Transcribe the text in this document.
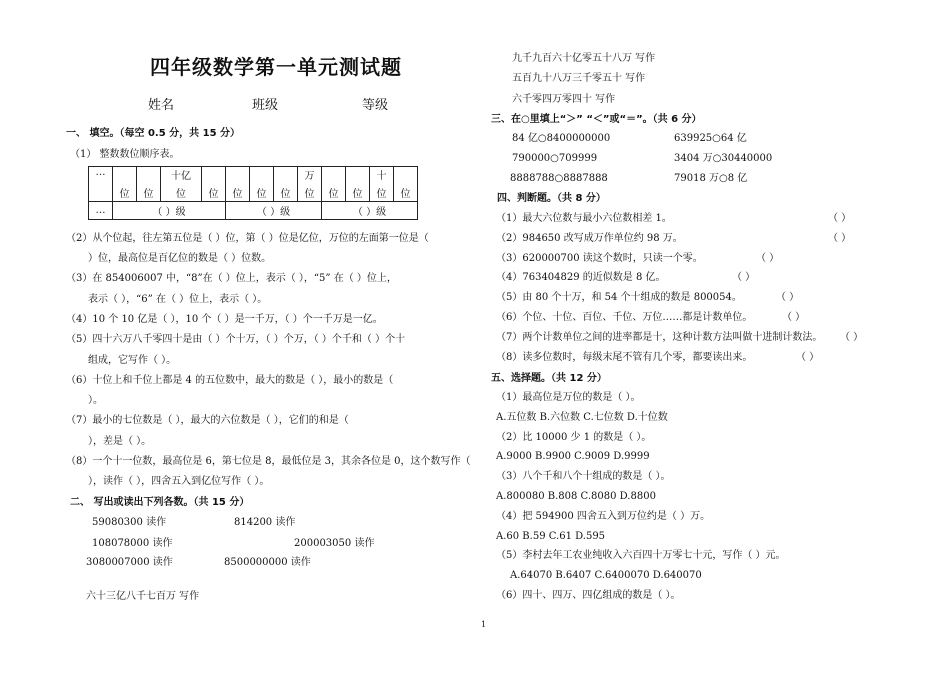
四年级数学第一单元测试题
姓名	班级	等级
一、 填空。（每空 0.5 分，共 15 分）
（1） 整数数位顺序表。
…			十亿					万			十	
	位	位	位	位	位	位	位	位	位	位	位	位
…	（ ）级				（ ）级				（ ）级			
（2）从个位起，往左第五位是（ ）位，第（ ）位是亿位，万位的左面第一位是（
）位，最高位是百亿位的数是（ ）位数。
（3）在 854006007 中，“8”在（ ）位上，表示（ ），“5” 在（ ）位上，
表示（ ），“6” 在（ ）位上，表示（ ）。
（4）10 个 10 亿是（ ），10 个（ ）是一千万，（ ）个一千万是一亿。
（5）四十六万八千零四十是由（ ）个十万，（ ）个万，（ ）个千和（ ）个十
组成，它写作（ ）。
（6）十位上和千位上都是 4 的五位数中，最大的数是（ ），最小的数是（
）。
（7）最小的七位数是（ ），最大的六位数是（ ），它们的和是（
），差是（ ）。
（8）一个十一位数，最高位是 6，第七位是 8，最低位是 3，其余各位是 0，这个数写作（
），读作（ ），四舍五入到亿位写作（ ）。
二、 写出或读出下列各数。（共 15 分）
59080300 读作	814200 读作
108078000 读作	200003050 读作
3080007000 读作	8500000000 读作
六十三亿八千七百万 写作
九千九百六十亿零五十八万 写作
五百九十八万三千零五十 写作
六千零四万零四十 写作
三、在○里填上“＞” “＜”或“＝”。（共 6 分）
84 亿○8400000000	639925○64 亿
790000○709999	3404 万○30440000
8888788○8887888	79018 万○8 亿
四、判断题。（共 8 分）
（1）最大六位数与最小六位数相差 1。	（ ）
（2）984650 改写成万作单位约 98 万。	（ ）
（3）620000700 读这个数时，只读一个零。	（ ）
（4）763404829 的近似数是 8 亿。	（ ）
（5）由 80 个十万，和 54 个十组成的数是 800054。	（ ）
（6）个位、十位、百位、千位、万位……都是计数单位。	（ ）
（7）两个计数单位之间的进率都是十，这种计数方法叫做十进制计数法。 （ ）
（8）读多位数时，每级末尾不管有几个零，都要读出来。	（ ）
五、选择题。（共 12 分）
（1）最高位是万位的数是（ ）。
A.五位数 B.六位数 C.七位数 D.十位数
（2）比 10000 少 1 的数是（ ）。
A.9000 B.9900 C.9009 D.9999
（3）八个千和八个十组成的数是（ ）。
A.800080 B.808 C.8080 D.8800
（4）把 594900 四舍五入到万位约是（ ）万。
A.60 B.59 C.61 D.595
（5）李村去年工农业纯收入六百四十万零七十元，写作（ ）元。
A.64070 B.6407 C.6400070 D.640070
（6）四十、四万、四亿组成的数是（ ）。
1
